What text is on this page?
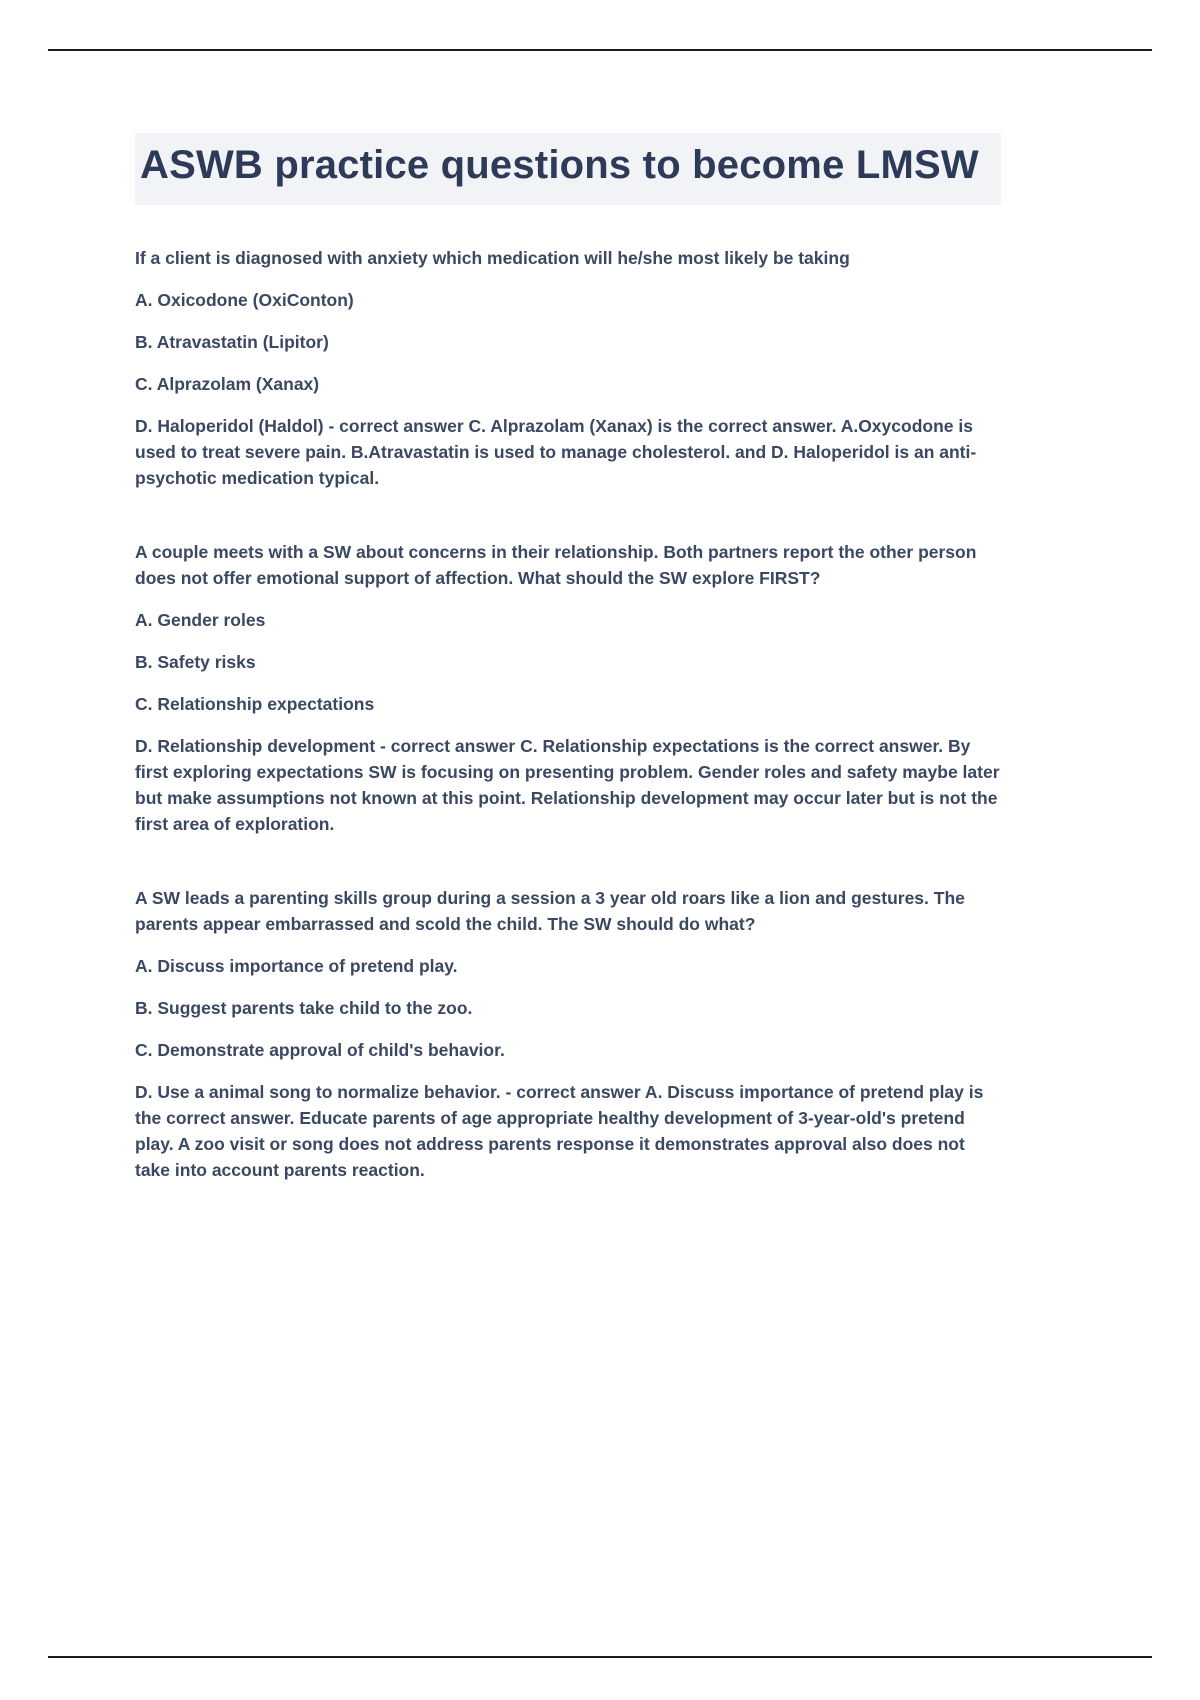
ASWB practice questions to become LMSW

If a client is diagnosed with anxiety which medication will he/she most likely be taking

A. Oxicodone (OxiConton)

B. Atravastatin (Lipitor)

C. Alprazolam (Xanax)

D. Haloperidol (Haldol) - correct answer C. Alprazolam (Xanax) is the correct answer. A.Oxycodone is used to treat severe pain. B.Atravastatin is used to manage cholesterol. and D. Haloperidol is an anti-psychotic medication typical.

A couple meets with a SW about concerns in their relationship. Both partners report the other person does not offer emotional support of affection. What should the SW explore FIRST?

A. Gender roles

B. Safety risks

C. Relationship expectations

D. Relationship development - correct answer C. Relationship expectations is the correct answer. By first exploring expectations SW is focusing on presenting problem. Gender roles and safety maybe later but make assumptions not known at this point. Relationship development may occur later but is not the first area of exploration.

A SW leads a parenting skills group during a session a 3 year old roars like a lion and gestures. The parents appear embarrassed and scold the child. The SW should do what?

A. Discuss importance of pretend play.

B. Suggest parents take child to the zoo.

C. Demonstrate approval of child's behavior.

D. Use a animal song to normalize behavior. - correct answer A. Discuss importance of pretend play is the correct answer. Educate parents of age appropriate healthy development of 3-year-old's pretend play. A zoo visit or song does not address parents response it demonstrates approval also does not take into account parents reaction.
